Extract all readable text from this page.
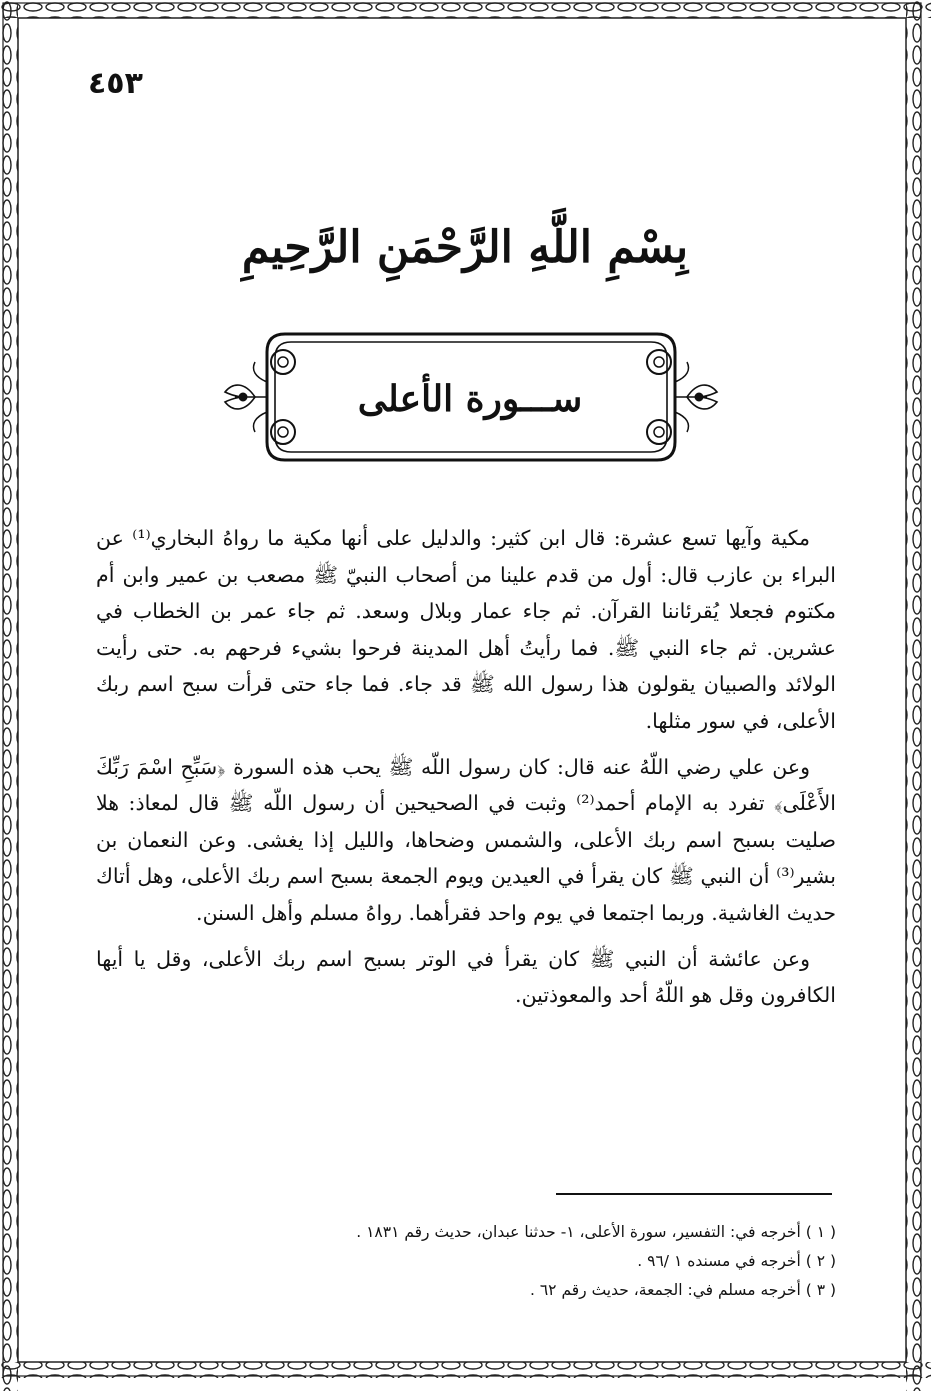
٤٥٣
بِسْمِ اللَّهِ الرَّحْمَنِ الرَّحِيمِ
ســـورة الأعلى

مكية وآيها تسع عشرة: قال ابن كثير: والدليل على أنها مكية ما رواهُ البخاري⁽¹⁾ عن البراء بن عازب قال: أول من قدم علينا من أصحاب النبيّ ﷺ مصعب بن عمير وابن أم مكتوم فجعلا يُقرئاننا القرآن. ثم جاء عمار وبلال وسعد. ثم جاء عمر بن الخطاب في عشرين. ثم جاء النبي ﷺ. فما رأيتُ أهل المدينة فرحوا بشيء فرحهم به. حتى رأيت الولائد والصبيان يقولون هذا رسول الله ﷺ قد جاء. فما جاء حتى قرأت سبح اسم ربك الأعلى، في سور مثلها.

وعن علي رضي اللّهُ عنه قال: كان رسول اللّه ﷺ يحب هذه السورة ﴿سَبِّحِ اسْمَ رَبِّكَ الأَعْلَى﴾ تفرد به الإمام أحمد⁽²⁾ وثبت في الصحيحين أن رسول اللّه ﷺ قال لمعاذ: هلا صليت بسبح اسم ربك الأعلى، والشمس وضحاها، والليل إذا يغشى. وعن النعمان بن بشير⁽³⁾ أن النبي ﷺ كان يقرأ في العيدين ويوم الجمعة بسبح اسم ربك الأعلى، وهل أتاك حديث الغاشية. وربما اجتمعا في يوم واحد فقرأهما. رواهُ مسلم وأهل السنن.

وعن عائشة أن النبي ﷺ كان يقرأ في الوتر بسبح اسم ربك الأعلى، وقل يا أيها الكافرون وقل هو اللّهُ أحد والمعوذتين.

( ١ ) أخرجه في: التفسير، سورة الأعلى، ١- حدثنا عبدان، حديث رقم ١٨٣١ .
( ٢ ) أخرجه في مسنده ١ /٩٦ .
( ٣ ) أخرجه مسلم في: الجمعة، حديث رقم ٦٢ .
